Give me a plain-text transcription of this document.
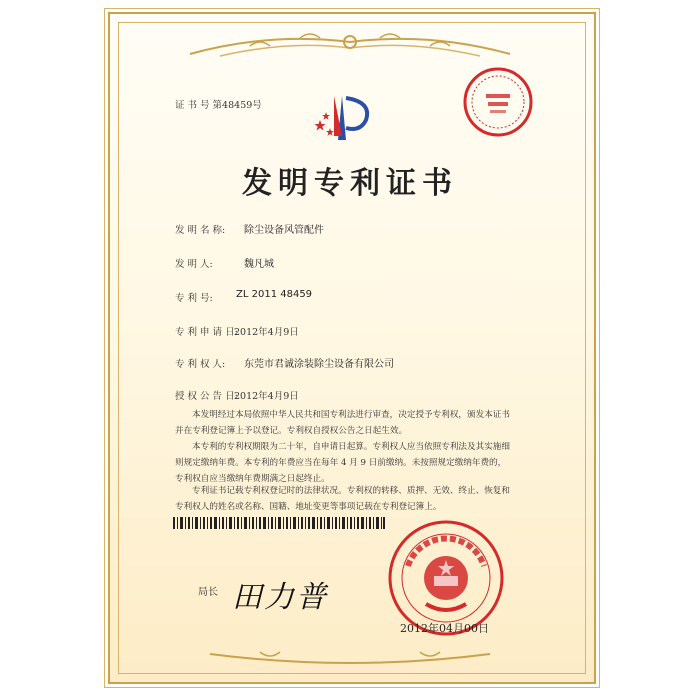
证 书 号 第48459号
发明专利证书
发 明 名 称: 除尘设备风管配件
发 明 人:	魏凡城
专 利 号: ZL 2011 48459
专 利 申 请 日:
2012年4月9日
专 利 权 人: 东莞市君诚涂装除尘设备有限公司
授 权 公 告 日:
2012年4月9日
本发明经过本局依照中华人民共和国专利法进行审查，决定授予专利权，颁发本证书
并在专利登记簿上予以登记。专利权自授权公告之日起生效。
本专利的专利权期限为二十年，自申请日起算。专利权人应当依照专利法及其实施细
则规定缴纳年费。本专利的年费应当在每年 4 月 9 日前缴纳。未按照规定缴纳年费的，
专利权自应当缴纳年费期满之日起终止。
专利证书记载专利权登记时的法律状况。专利权的转移、质押、无效、终止、恢复和
专利权人的姓名或名称、国籍、地址变更等事项记载在专利登记簿上。
局长 田力普
2012年04月00日
